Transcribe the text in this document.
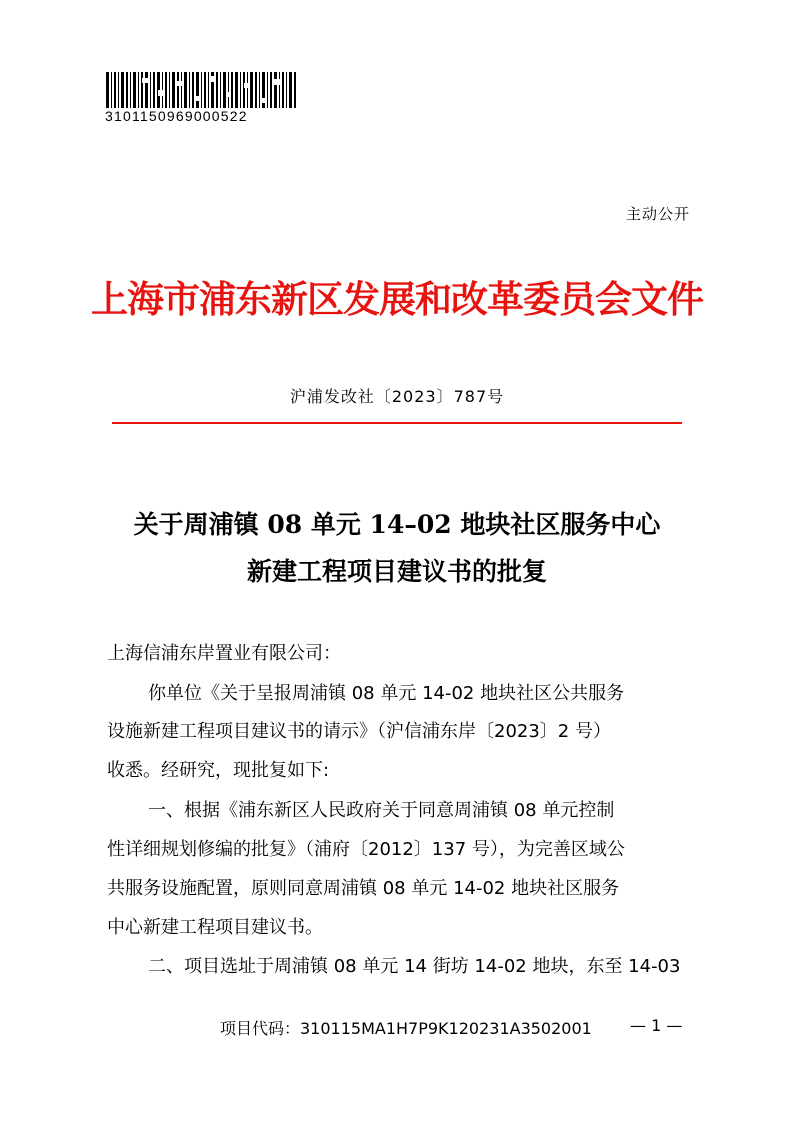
3101150969000522
主动公开
上海市浦东新区发展和改革委员会文件
沪浦发改社〔2023〕787号
关于周浦镇 08 单元 14–02 地块社区服务中心
新建工程项目建议书的批复
上海信浦东岸置业有限公司：
你单位《关于呈报周浦镇 08 单元 14-02 地块社区公共服务
设施新建工程项目建议书的请示》（沪信浦东岸〔2023〕2 号）
收悉。经研究，现批复如下:
一、根据《浦东新区人民政府关于同意周浦镇 08 单元控制
性详细规划修编的批复》（浦府〔2012〕137 号），为完善区域公
共服务设施配置，原则同意周浦镇 08 单元 14-02 地块社区服务
中心新建工程项目建议书。
二、项目选址于周浦镇 08 单元 14 街坊 14-02 地块，东至 14-03
项目代码：310115MA1H7P9K120231A3502001 — 1 —
